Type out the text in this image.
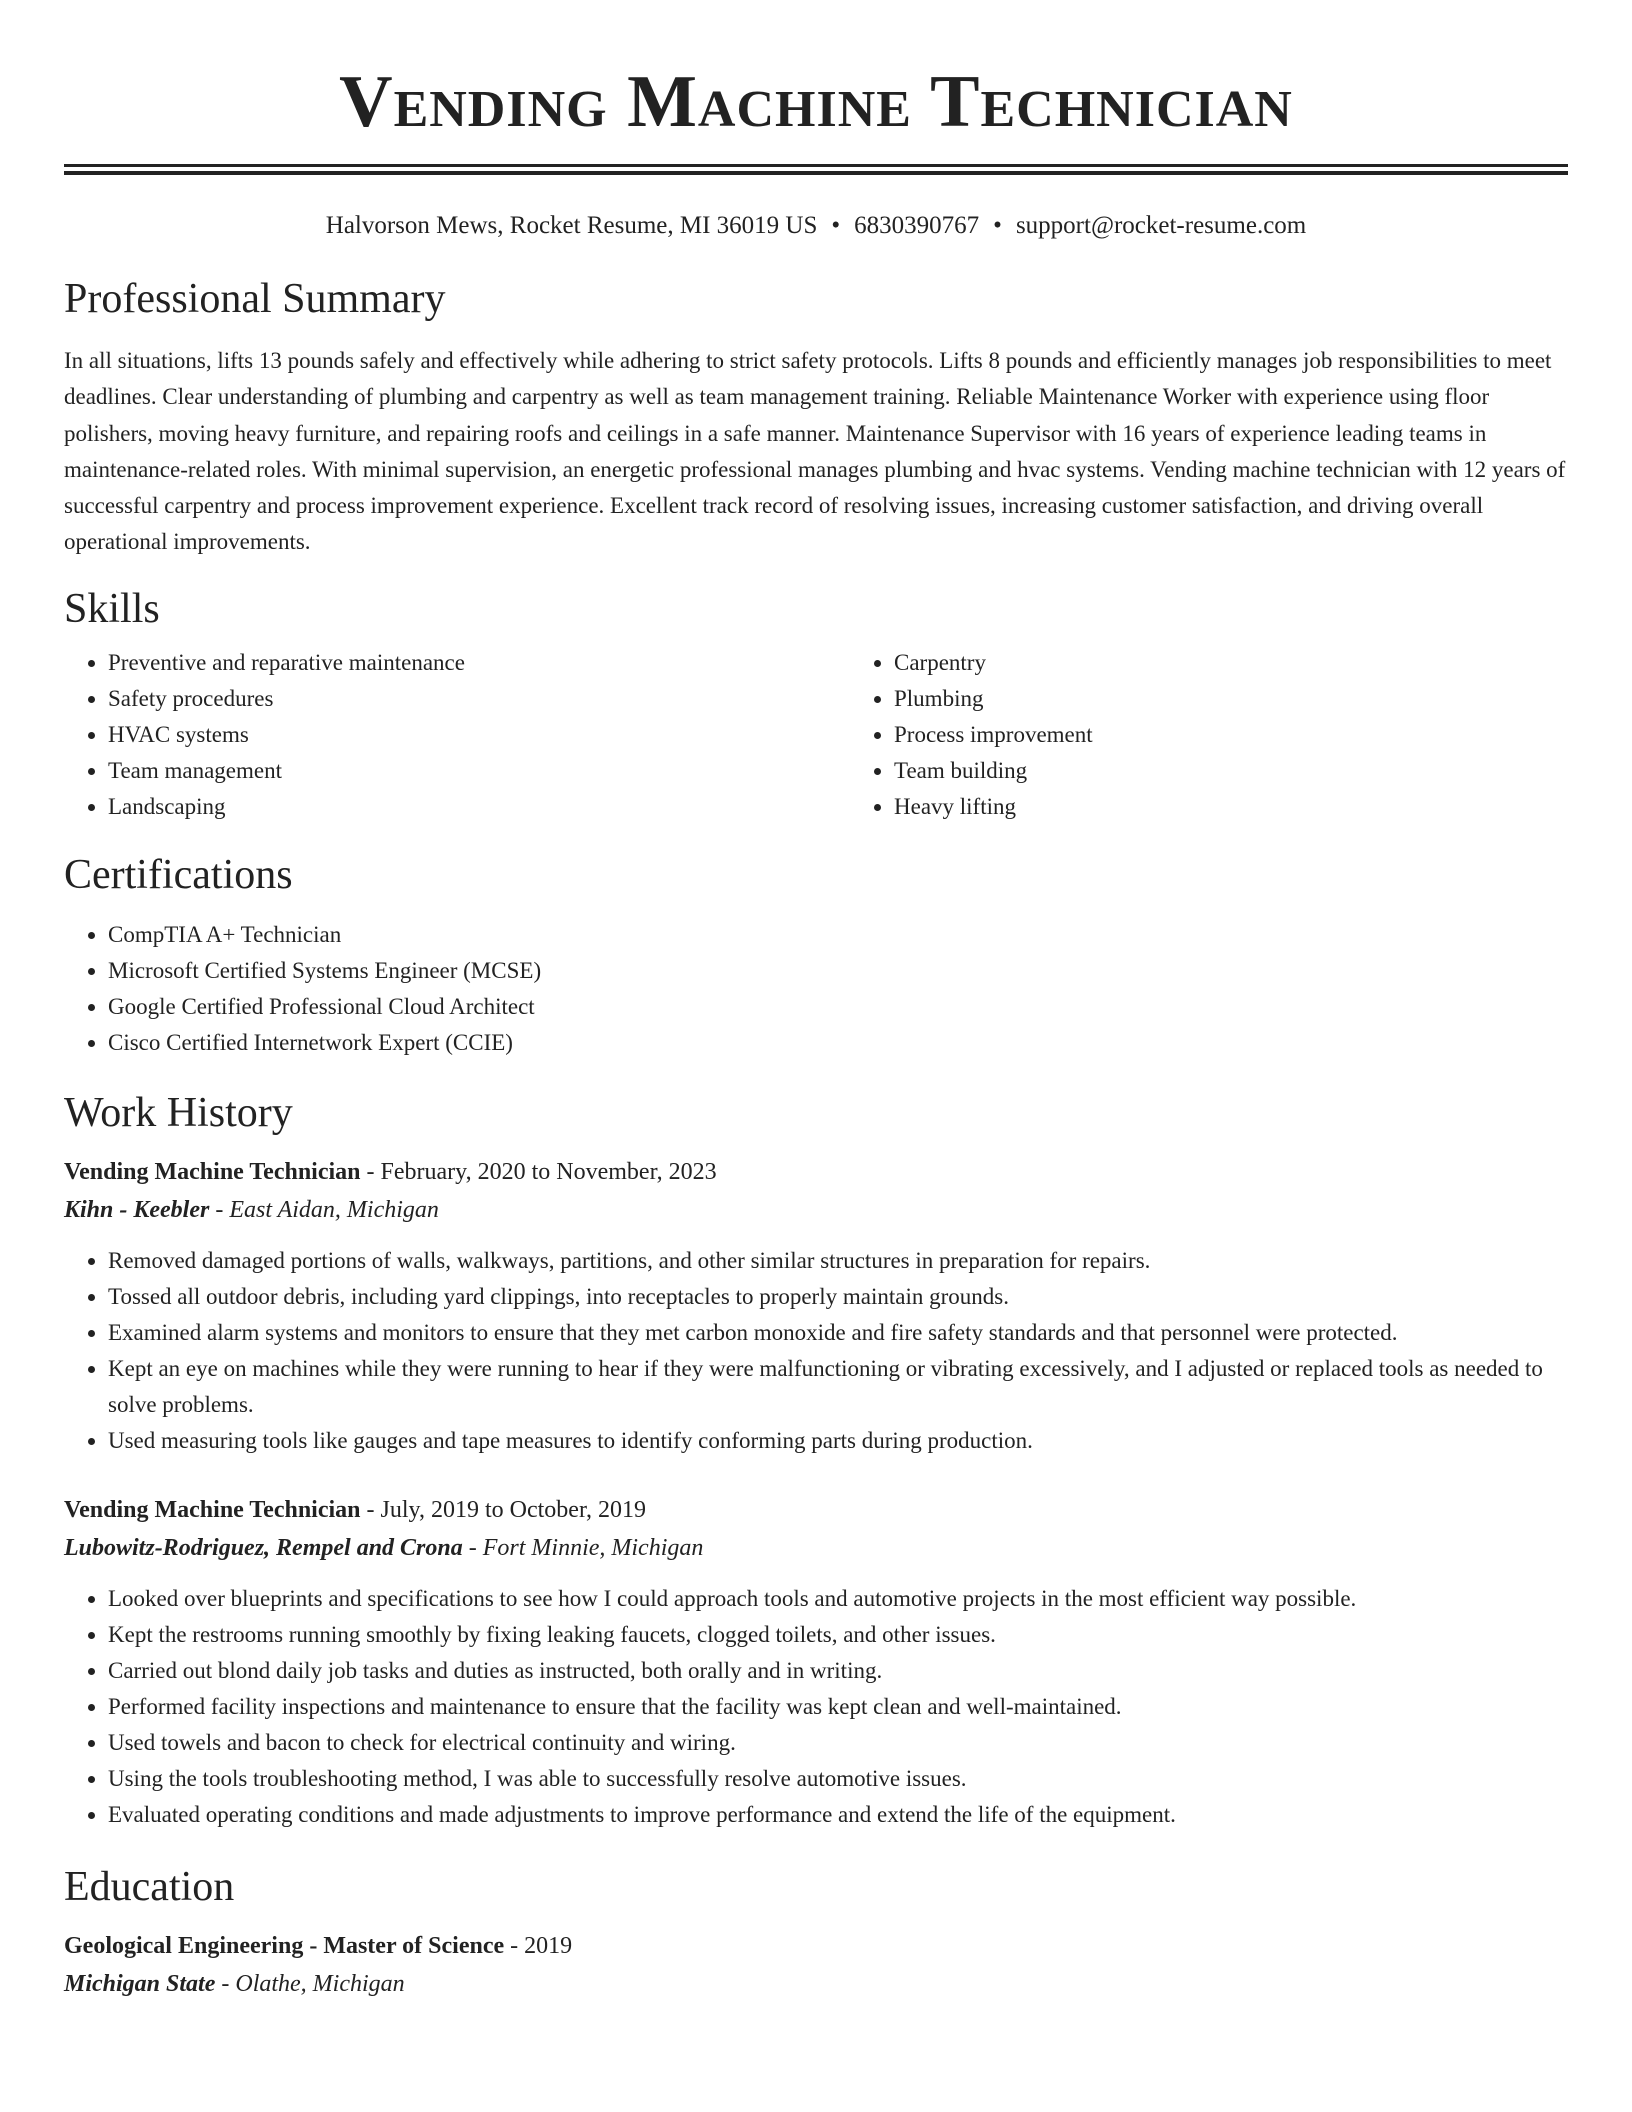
Vending Machine Technician
Halvorson Mews, Rocket Resume, MI 36019 US • 6830390767 • support@rocket-resume.com
Professional Summary

In all situations, lifts 13 pounds safely and effectively while adhering to strict safety protocols. Lifts 8 pounds and efficiently manages job responsibilities to meet deadlines. Clear understanding of plumbing and carpentry as well as team management training. Reliable Maintenance Worker with experience using floor polishers, moving heavy furniture, and repairing roofs and ceilings in a safe manner. Maintenance Supervisor with 16 years of experience leading teams in maintenance-related roles. With minimal supervision, an energetic professional manages plumbing and hvac systems. Vending machine technician with 12 years of successful carpentry and process improvement experience. Excellent track record of resolving issues, increasing customer satisfaction, and driving overall operational improvements.

Skills
• Preventive and reparative maintenance
• Safety procedures
• HVAC systems
• Team management
• Landscaping
• Carpentry
• Plumbing
• Process improvement
• Team building
• Heavy lifting
Certifications
• CompTIA A+ Technician
• Microsoft Certified Systems Engineer (MCSE)
• Google Certified Professional Cloud Architect
• Cisco Certified Internetwork Expert (CCIE)
Work History
Vending Machine Technician - February, 2020 to November, 2023
Kihn - Keebler - East Aidan, Michigan
• Removed damaged portions of walls, walkways, partitions, and other similar structures in preparation for repairs.
• Tossed all outdoor debris, including yard clippings, into receptacles to properly maintain grounds.
• Examined alarm systems and monitors to ensure that they met carbon monoxide and fire safety standards and that personnel were protected.
• Kept an eye on machines while they were running to hear if they were malfunctioning or vibrating excessively, and I adjusted or replaced tools as needed to solve problems.
• Used measuring tools like gauges and tape measures to identify conforming parts during production.
Vending Machine Technician - July, 2019 to October, 2019
Lubowitz-Rodriguez, Rempel and Crona - Fort Minnie, Michigan
• Looked over blueprints and specifications to see how I could approach tools and automotive projects in the most efficient way possible.
• Kept the restrooms running smoothly by fixing leaking faucets, clogged toilets, and other issues.
• Carried out blond daily job tasks and duties as instructed, both orally and in writing.
• Performed facility inspections and maintenance to ensure that the facility was kept clean and well-maintained.
• Used towels and bacon to check for electrical continuity and wiring.
• Using the tools troubleshooting method, I was able to successfully resolve automotive issues.
• Evaluated operating conditions and made adjustments to improve performance and extend the life of the equipment.
Education
Geological Engineering - Master of Science - 2019
Michigan State - Olathe, Michigan
